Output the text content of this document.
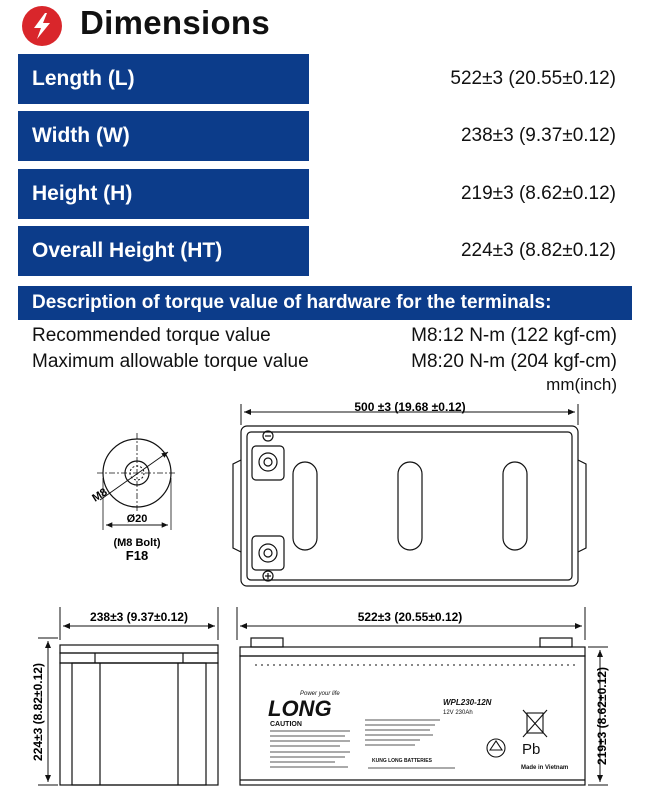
Dimensions
Length (L)	522±3 (20.55±0.12)
Width (W)	238±3 (9.37±0.12)
Height (H)	219±3 (8.62±0.12)
Overall Height (HT)	224±3 (8.82±0.12)
Description of torque value of hardware for the terminals:
Recommended torque value	M8:12 N-m (122 kgf-cm)
Maximum allowable torque value	M8:20 N-m (204 kgf-cm)
mm(inch)
500 ±3 (19.68 ±0.12)
M8
Ø20
(M8 Bolt)
F18
238±3 (9.37±0.12)
224±3 (8.82±0.12)
522±3 (20.55±0.12)
219±3 (8.62±0.12)
LONG
Power your life
CAUTION
WPL230-12N
12V 230Ah
KUNG LONG BATTERIES
Pb
Made in Vietnam
